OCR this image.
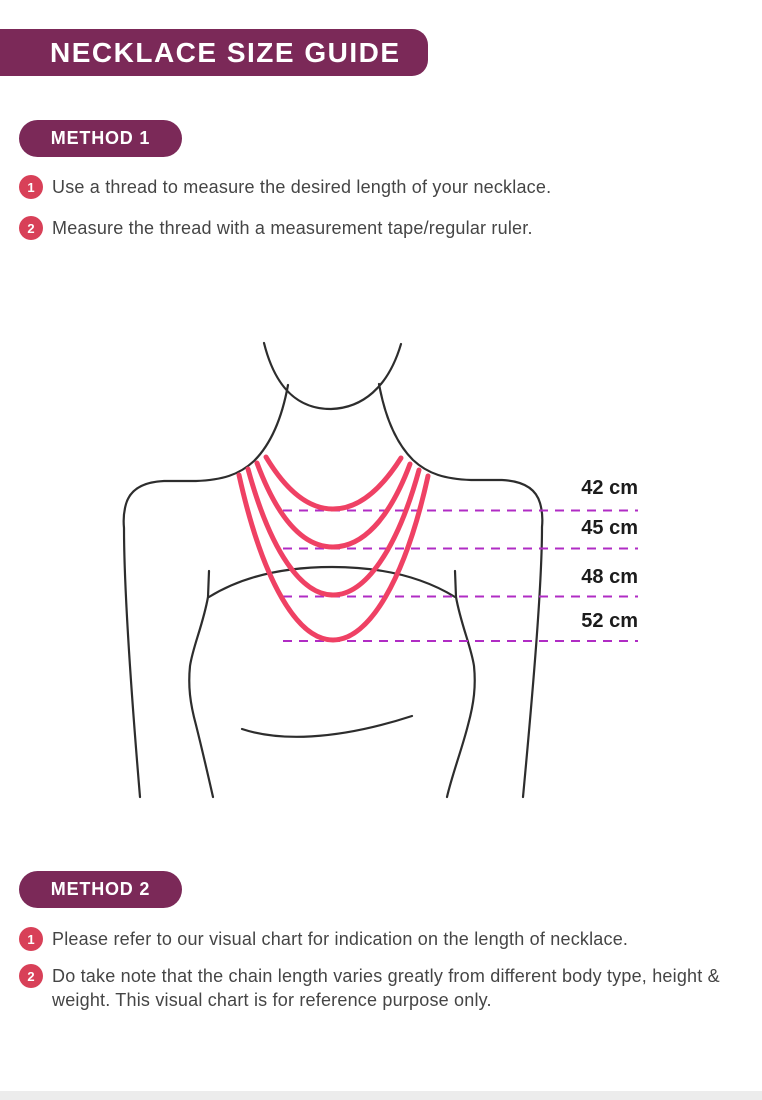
NECKLACE SIZE GUIDE
METHOD 1
1 Use a thread to measure the desired length of your necklace.
2 Measure the thread with a measurement tape/regular ruler.
42 cm
45 cm
48 cm
52 cm
METHOD 2
1 Please refer to our visual chart for indication on the length of necklace.
2 Do take note that the chain length varies greatly from different body type, height & weight. This visual chart is for reference purpose only.
